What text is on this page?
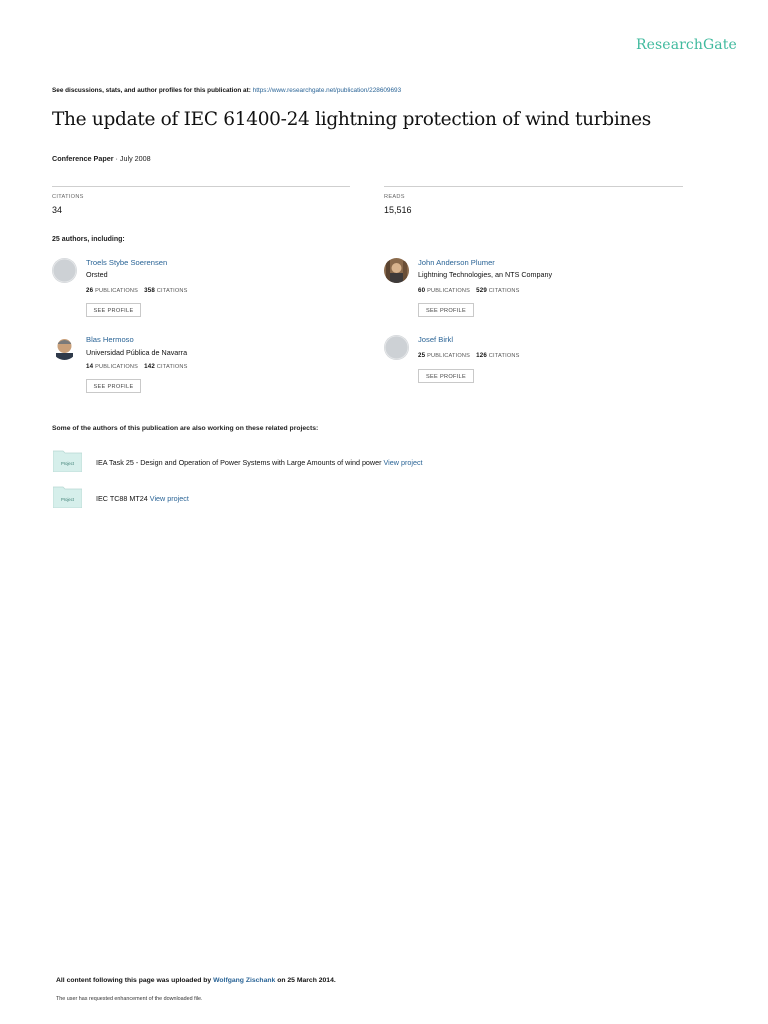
ResearchGate
See discussions, stats, and author profiles for this publication at: https://www.researchgate.net/publication/228609693
The update of IEC 61400-24 lightning protection of wind turbines
Conference Paper · July 2008
CITATIONS
34
READS
15,516
25 authors, including:
Troels Stybe Soerensen
Orsted
26 PUBLICATIONS 358 CITATIONS
SEE PROFILE
John Anderson Plumer
Lightning Technologies, an NTS Company
60 PUBLICATIONS 529 CITATIONS
SEE PROFILE
Blas Hermoso
Universidad Pública de Navarra
14 PUBLICATIONS 142 CITATIONS
SEE PROFILE
Josef Birkl
25 PUBLICATIONS 126 CITATIONS
SEE PROFILE
Some of the authors of this publication are also working on these related projects:
Project	IEA Task 25 - Design and Operation of Power Systems with Large Amounts of wind power View project
Project	IEC TC88 MT24 View project
All content following this page was uploaded by Wolfgang Zischank on 25 March 2014.
The user has requested enhancement of the downloaded file.
